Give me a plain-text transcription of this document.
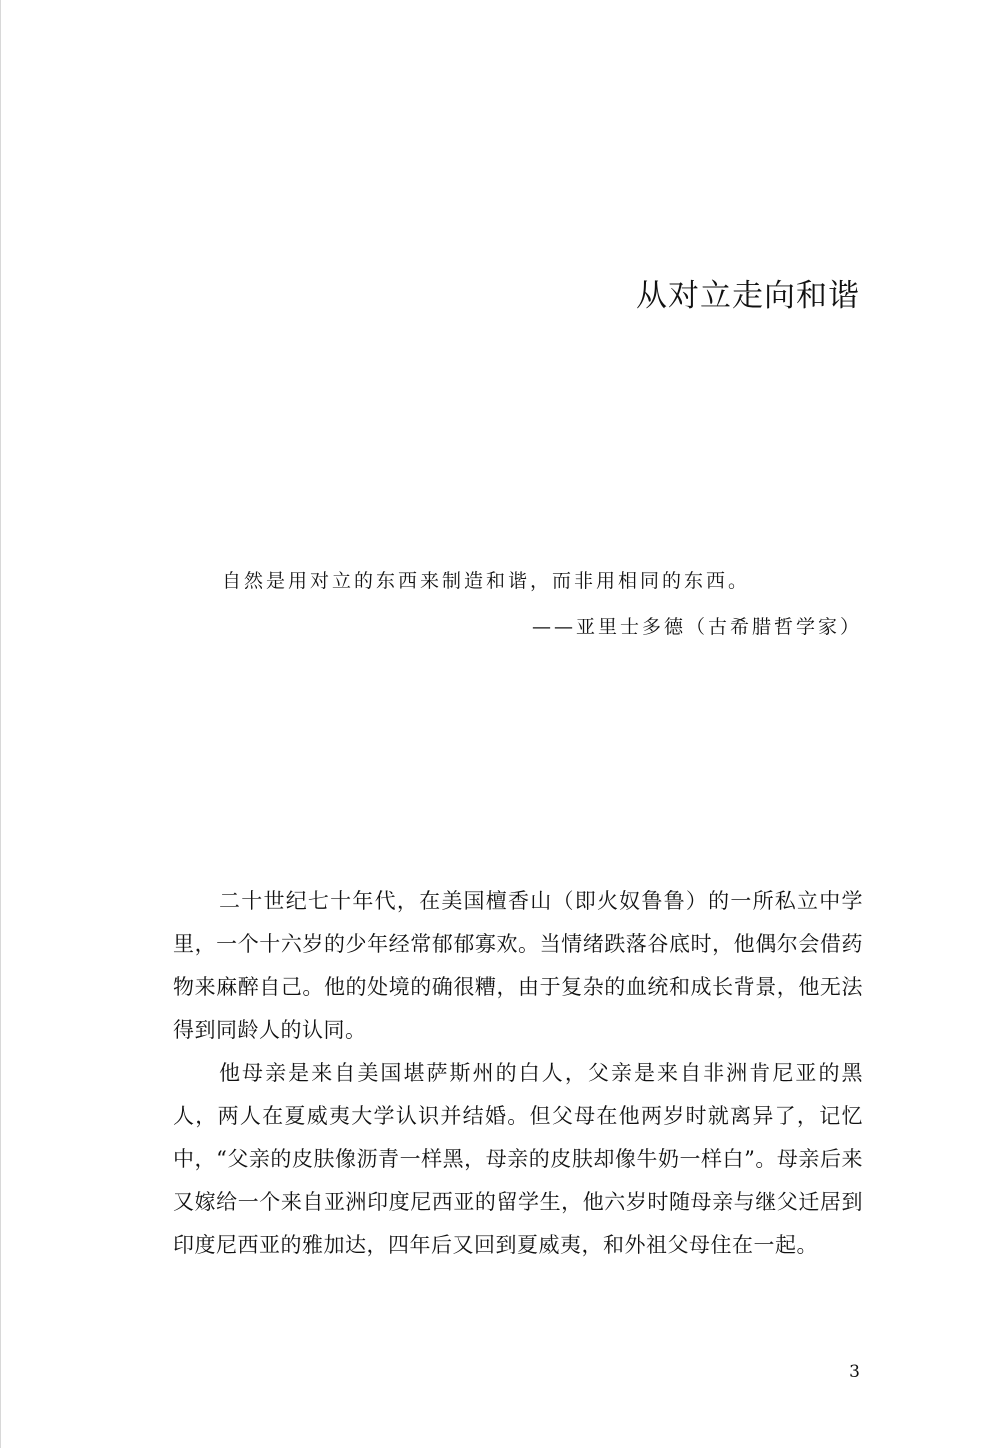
从对立走向和谐
自然是用对立的东西来制造和谐，而非用相同的东西。
——亚里士多德（古希腊哲学家）

二十世纪七十年代，在美国檀香山（即火奴鲁鲁）的一所私立中学里，一个十六岁的少年经常郁郁寡欢。当情绪跌落谷底时，他偶尔会借药物来麻醉自己。他的处境的确很糟，由于复杂的血统和成长背景，他无法得到同龄人的认同。

他母亲是来自美国堪萨斯州的白人，父亲是来自非洲肯尼亚的黑人，两人在夏威夷大学认识并结婚。但父母在他两岁时就离异了，记忆中，“父亲的皮肤像沥青一样黑，母亲的皮肤却像牛奶一样白”。母亲后来又嫁给一个来自亚洲印度尼西亚的留学生，他六岁时随母亲与继父迁居到印度尼西亚的雅加达，四年后又回到夏威夷，和外祖父母住在一起。

3
